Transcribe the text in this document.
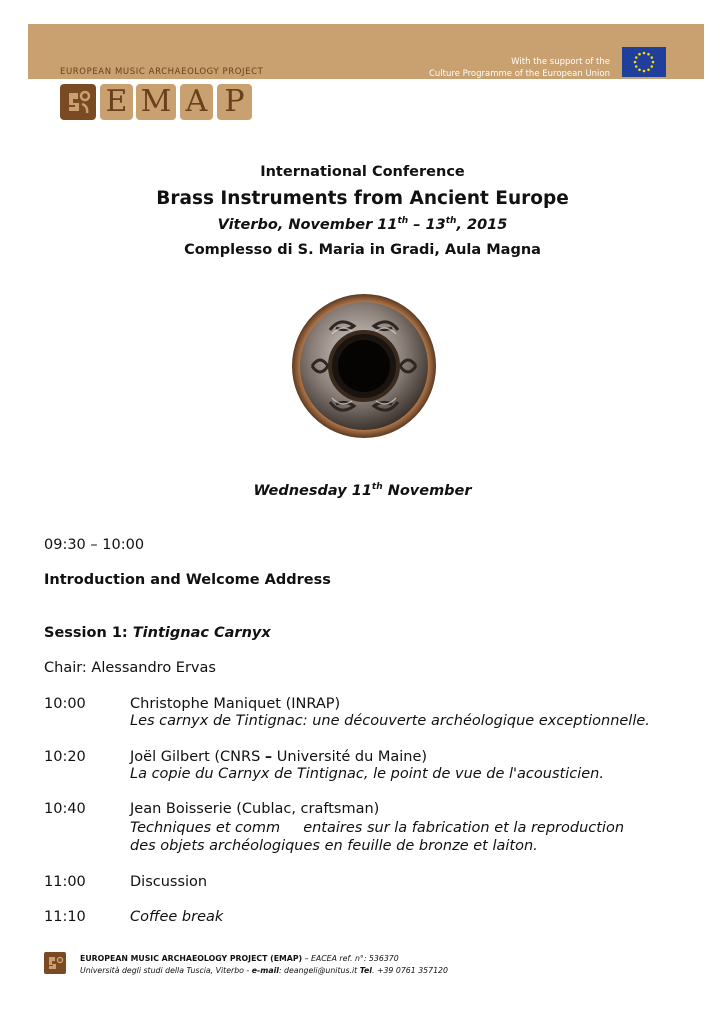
EUROPEAN MUSIC ARCHAEOLOGY PROJECT
With the support of the
Culture Programme of the European Union
E M A P
International Conference
Brass Instruments from Ancient Europe
Viterbo, November 11th – 13th, 2015
Complesso di S. Maria in Gradi, Aula Magna
Wednesday 11th November
09:30 – 10:00
Introduction and Welcome Address
Session 1: Tintignac Carnyx
Chair: Alessandro Ervas
10:00	Christophe Maniquet (INRAP)
Les carnyx de Tintignac: une découverte archéologique exceptionnelle.
10:20	Joël Gilbert (CNRS – Université du Maine)
La copie du Carnyx de Tintignac, le point de vue de l'acousticien.
10:40	Jean Boisserie (Cublac, craftsman)
Techniques et comm     entaires sur la fabrication et la reproduction
des objets archéologiques en feuille de bronze et laiton.
11:00	Discussion
11:10	Coffee break
EUROPEAN MUSIC ARCHAEOLOGY PROJECT (EMAP) – EACEA ref. n°: 536370
Università degli studi della Tuscia, Viterbo - e-mail: deangeli@unitus.it Tel. +39 0761 357120
